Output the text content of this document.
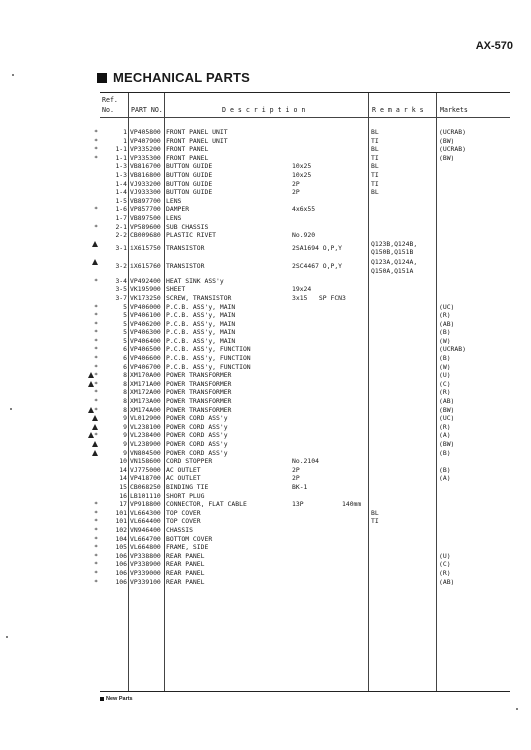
AX-570
MECHANICAL PARTS
Ref.
No.	PART NO.	D e s c r i p t i o n	R e m a r k s Markets
*	1 VP405800 FRONT PANEL UNIT	BL	(UCRAB)
*	1 VP407900 FRONT PANEL UNIT	TI	(BW)
*	1-1 VP335200 FRONT PANEL	BL	(UCRAB)
*	1-1 VP335300 FRONT PANEL	TI	(BW)
1-3 VB816700 BUTTON GUIDE	10x25	BL
1-3 VB816800 BUTTON GUIDE	10x25	TI
1-4 VJ933200 BUTTON GUIDE	2P	TI
1-4 VJ933300 BUTTON GUIDE	2P	BL
1-5 VB897700 LENS
*	1-6 VP857700 DAMPER	4x6x55
1-7 VB897500 LENS
*	2-1 VP589600 SUB CHASSIS
2-2 CB009680 PLASTIC RIVET	No.920
3-1 iX615750 TRANSISTOR	2SA1694 O,P,Y	Q123B,Q124B,
Q150B,Q151B
3-2 iX615760 TRANSISTOR	2SC4467 O,P,Y	Q123A,Q124A,
Q150A,Q151A
*	3-4 VP492400 HEAT SINK ASS'y
3-5 VK195900 SHEET	19x24
3-7 VK173250 SCREW, TRANSISTOR	3x15   SP FCN3
*	5 VP406000 P.C.B. ASS'y, MAIN	(UC)
*	5 VP406100 P.C.B. ASS'y, MAIN	(R)
*	5 VP406200 P.C.B. ASS'y, MAIN	(AB)
*	5 VP406300 P.C.B. ASS'y, MAIN	(B)
*	5 VP406400 P.C.B. ASS'y, MAIN	(W)
*	6 VP406500 P.C.B. ASS'y, FUNCTION	(UCRAB)
*	6 VP406600 P.C.B. ASS'y, FUNCTION	(B)
*	6 VP406700 P.C.B. ASS'y, FUNCTION	(W)
*	8 XM170A00 POWER TRANSFORMER	(U)
*	8 XM171A00 POWER TRANSFORMER	(C)
*	8 XM172A00 POWER TRANSFORMER	(R)
*	8 XM173A00 POWER TRANSFORMER	(AB)
*	8 XM174A00 POWER TRANSFORMER	(BW)
9 VL012900 POWER CORD ASS'y	(UC)
9 VL238100 POWER CORD ASS'y	(R)
*	9 VL238400 POWER CORD ASS'y	(A)
9 VL238900 POWER CORD ASS'y	(BW)
9 VN804500 POWER CORD ASS'y	(B)
10 VN158600 CORD STOPPER	No.2104
14 VJ775000 AC OUTLET	2P	(B)
14 VP418700 AC OUTLET	2P	(A)
15 CB068250 BINDING TIE	BK-1
16 LB101110 SHORT PLUG
*	17 VP918800 CONNECTOR, FLAT CABLE	13P          140mm
*	101 VL664300 TOP COVER	BL
*	101 VL664400 TOP COVER	TI
*	102 VN946400 CHASSIS
*	104 VL664700 BOTTOM COVER
*	105 VL664800 FRAME, SIDE
*	106 VP338800 REAR PANEL	(U)
*	106 VP338900 REAR PANEL	(C)
*	106 VP339000 REAR PANEL	(R)
*	106 VP339100 REAR PANEL	(AB)
New Parts
